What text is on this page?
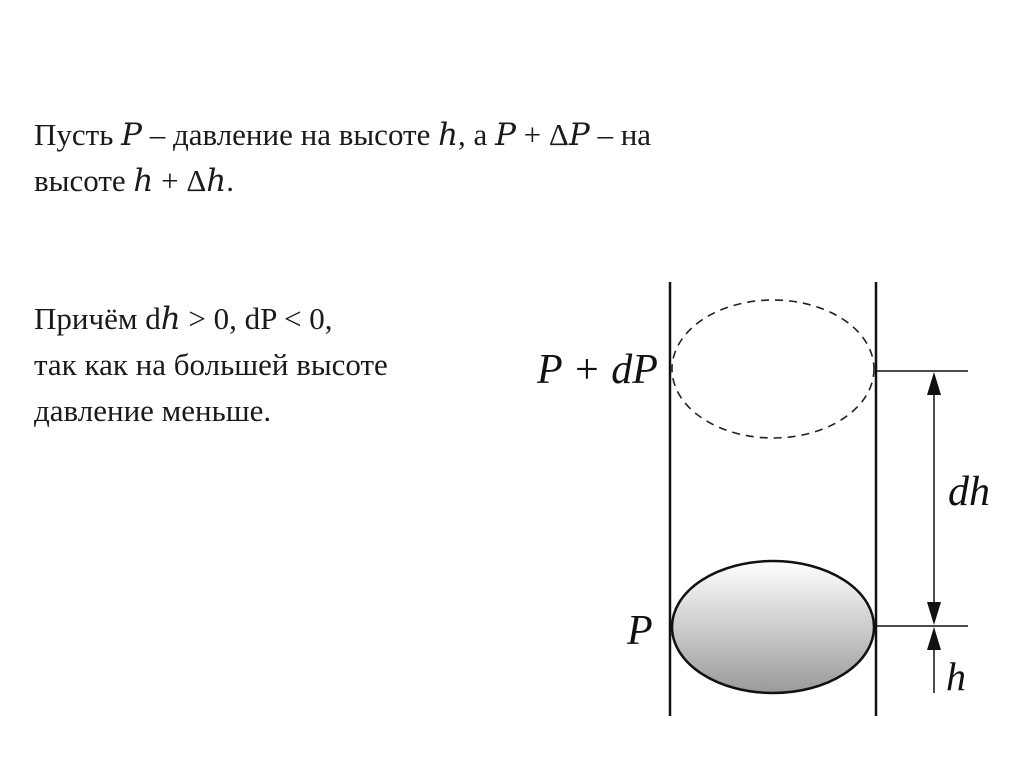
Пусть 𝑃 – давление на высоте ℎ, а 𝑃 + Δ𝑃 – на
высоте ℎ + Δℎ.

Причём dℎ > 0, dP < 0,
так как на большей высоте
давление меньше.

P + dP
P
dh
h
